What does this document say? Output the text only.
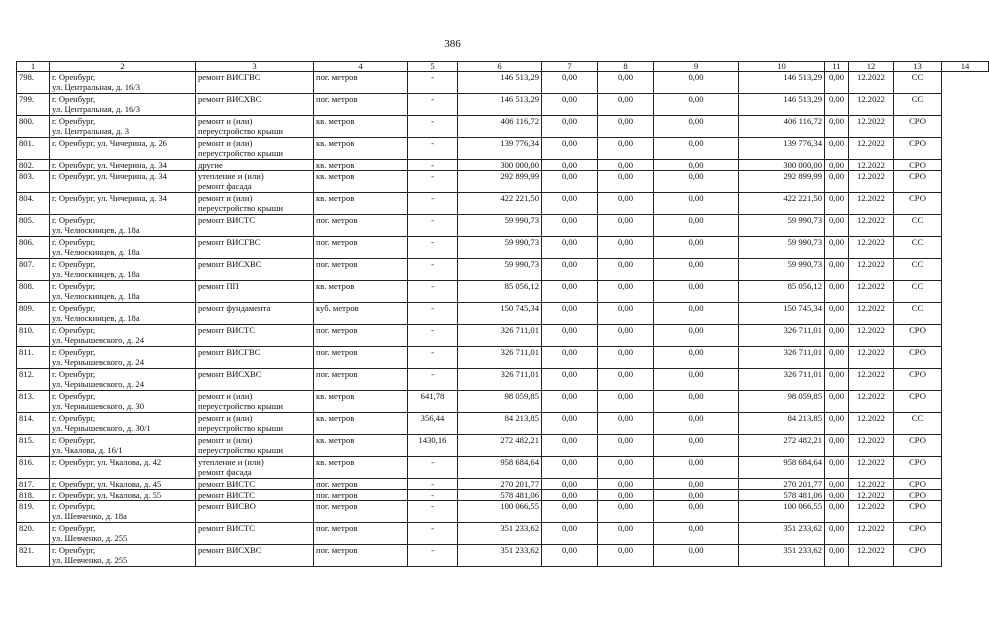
386
1	2	3	4	5	6	7	8	9	10	11	12	13	14
798.	г. Оренбург,
ул. Центральная, д. 16/3	ремонт ВИСГВС	пог. метров	-	146 513,29	0,00	0,00	0,00	146 513,29	0,00	12.2022	СС	
799.	г. Оренбург,
ул. Центральная, д. 16/3	ремонт ВИСХВС	пог. метров	-	146 513,29	0,00	0,00	0,00	146 513,29	0,00	12.2022	СС	
800.	г. Оренбург,
ул. Центральная, д. 3	ремонт и (или)
переустройство крыши	кв. метров	-	406 116,72	0,00	0,00	0,00	406 116,72	0,00	12.2022	СРО	
801.	г. Оренбург, ул. Чичерина, д. 26	ремонт и (или)
переустройство крыши	кв. метров	-	139 776,34	0,00	0,00	0,00	139 776,34	0,00	12.2022	СРО	
802.	г. Оренбург, ул. Чичерина, д. 34	другие	кв. метров	-	300 000,00	0,00	0,00	0,00	300 000,00	0,00	12.2022	СРО	
803.	г. Оренбург, ул. Чичерина, д. 34	утепление и (или)
ремонт фасада	кв. метров	-	292 899,99	0,00	0,00	0,00	292 899,99	0,00	12.2022	СРО	
804.	г. Оренбург, ул. Чичерина, д. 34	ремонт и (или)
переустройство крыши	кв. метров	-	422 221,50	0,00	0,00	0,00	422 221,50	0,00	12.2022	СРО	
805.	г. Оренбург,
ул. Челюскинцев, д. 18а	ремонт ВИСТС	пог. метров	-	59 990,73	0,00	0,00	0,00	59 990,73	0,00	12.2022	СС	
806.	г. Оренбург,
ул. Челюскинцев, д. 18а	ремонт ВИСГВС	пог. метров	-	59 990,73	0,00	0,00	0,00	59 990,73	0,00	12.2022	СС	
807.	г. Оренбург,
ул. Челюскинцев, д. 18а	ремонт ВИСХВС	пог. метров	-	59 990,73	0,00	0,00	0,00	59 990,73	0,00	12.2022	СС	
808.	г. Оренбург,
ул. Челюскинцев, д. 18а	ремонт ПП	кв. метров	-	85 056,12	0,00	0,00	0,00	85 056,12	0,00	12.2022	СС	
809.	г. Оренбург,
ул. Челюскинцев, д. 18а	ремонт фундамента	куб. метров	-	150 745,34	0,00	0,00	0,00	150 745,34	0,00	12.2022	СС	
810.	г. Оренбург,
ул. Чернышевского, д. 24	ремонт ВИСТС	пог. метров	-	326 711,01	0,00	0,00	0,00	326 711,01	0,00	12.2022	СРО	
811.	г. Оренбург,
ул. Чернышевского, д. 24	ремонт ВИСГВС	пог. метров	-	326 711,01	0,00	0,00	0,00	326 711,01	0,00	12.2022	СРО	
812.	г. Оренбург,
ул. Чернышевского, д. 24	ремонт ВИСХВС	пог. метров	-	326 711,01	0,00	0,00	0,00	326 711,01	0,00	12.2022	СРО	
813.	г. Оренбург,
ул. Чернышевского, д. 30	ремонт и (или)
переустройство крыши	кв. метров	641,78	98 059,85	0,00	0,00	0,00	98 059,85	0,00	12.2022	СРО	
814.	г. Оренбург,
ул. Чернышевского, д. 30/1	ремонт и (или)
переустройство крыши	кв. метров	356,44	84 213,85	0,00	0,00	0,00	84 213,85	0,00	12.2022	СС	
815.	г. Оренбург,
ул. Чкалова, д. 16/1	ремонт и (или)
переустройство крыши	кв. метров	1430,16	272 482,21	0,00	0,00	0,00	272 482,21	0,00	12.2022	СРО	
816.	г. Оренбург, ул. Чкалова, д. 42	утепление и (или)
ремонт фасада	кв. метров	-	958 684,64	0,00	0,00	0,00	958 684,64	0,00	12.2022	СРО	
817.	г. Оренбург, ул. Чкалова, д. 45	ремонт ВИСТС	пог. метров	-	270 201,77	0,00	0,00	0,00	270 201,77	0,00	12.2022	СРО	
818.	г. Оренбург, ул. Чкалова, д. 55	ремонт ВИСТС	пог. метров	-	578 481,06	0,00	0,00	0,00	578 481,06	0,00	12.2022	СРО	
819.	г. Оренбург,
ул. Шевченко, д. 18а	ремонт ВИСВО	пог. метров	-	100 066,55	0,00	0,00	0,00	100 066,55	0,00	12.2022	СРО	
820.	г. Оренбург,
ул. Шевченко, д. 255	ремонт ВИСТС	пог. метров	-	351 233,62	0,00	0,00	0,00	351 233,62	0,00	12.2022	СРО	
821.	г. Оренбург,
ул. Шевченко, д. 255	ремонт ВИСХВС	пог. метров	-	351 233,62	0,00	0,00	0,00	351 233,62	0,00	12.2022	СРО	
